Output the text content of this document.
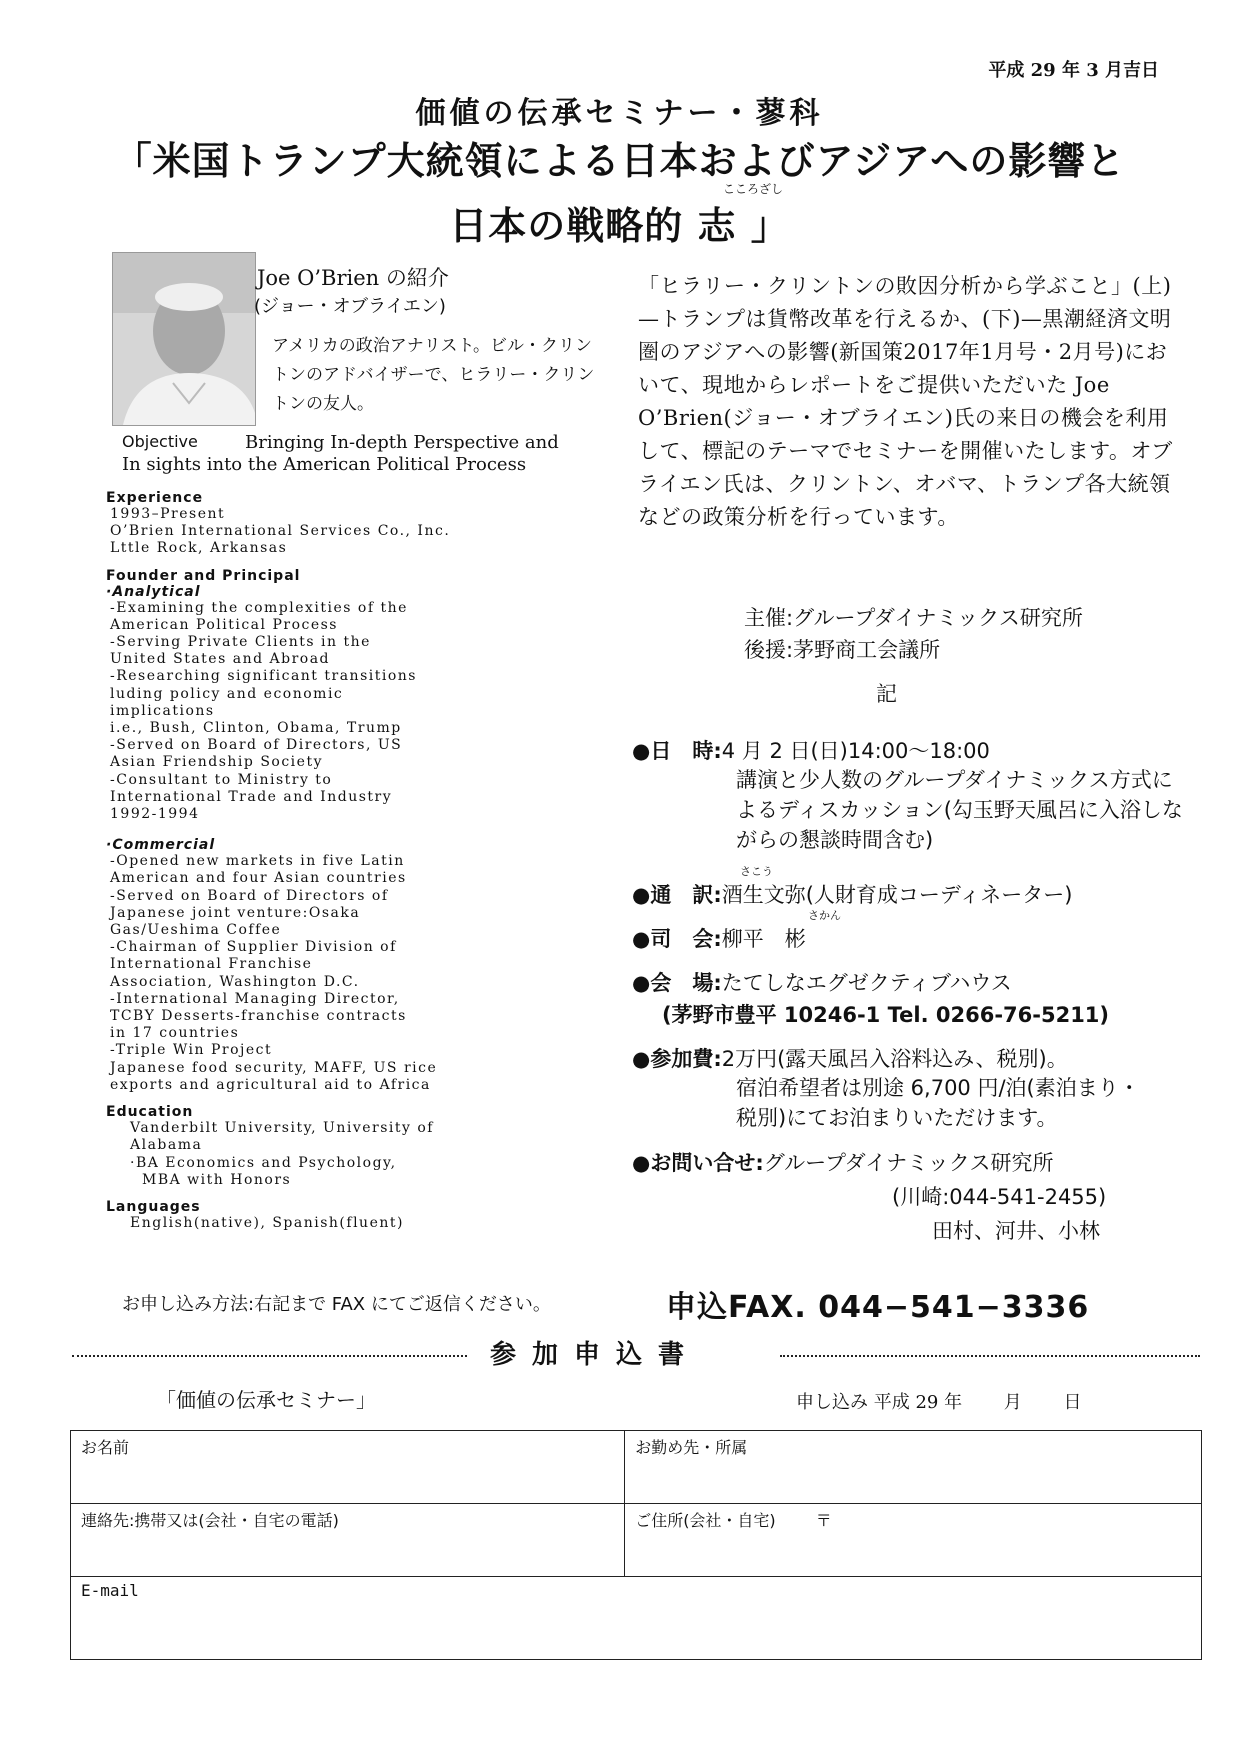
平成 29 年 3 月吉日
価値の伝承セミナー・蓼科
「米国トランプ大統領による日本およびアジアへの影響と
こころざし
日本の戦略的 志 」
Joe O’Brien の紹介
(ジョー・オブライエン)
アメリカの政治アナリスト。ビル・クリントンのアドバイザーで、ヒラリー・クリントンの友人。
Objective	Bringing In-depth Perspective and
In sights into the American Political Process
Experience
1993–Present
O’Brien International Services Co., Inc.
Lttle Rock, Arkansas
Founder and Principal
·Analytical
-Examining the complexities of the
American Political Process
-Serving Private Clients in the
United States and Abroad
-Researching significant transitions
luding policy and economic
implications
i.e., Bush, Clinton, Obama, Trump
-Served on Board of Directors, US
Asian Friendship Society
-Consultant to Ministry to
International Trade and Industry
1992-1994
·Commercial
-Opened new markets in five Latin
American and four Asian countries
-Served on Board of Directors of
Japanese joint venture:Osaka
Gas/Ueshima Coffee
-Chairman of Supplier Division of
International Franchise
Association, Washington D.C.
-International Managing Director,
TCBY Desserts-franchise contracts
in 17 countries
-Triple Win Project
Japanese food security, MAFF, US rice
exports and agricultural aid to Africa
Education
Vanderbilt University, University of
Alabama
·BA Economics and Psychology,
MBA with Honors
Languages
English(native), Spanish(fluent)
「ヒラリー・クリントンの敗因分析から学ぶこと」(上)—トランプは貨幣改革を行えるか、(下)—黒潮経済文明圏のアジアへの影響(新国策2017年1月号・2月号)において、現地からレポートをご提供いただいた Joe O’Brien(ジョー・オブライエン)氏の来日の機会を利用して、標記のテーマでセミナーを開催いたします。オブライエン氏は、クリントン、オバマ、トランプ各大統領などの政策分析を行っています。
主催:グループダイナミックス研究所
後援:茅野商工会議所
記
●日　時:4 月 2 日(日)14:00〜18:00
講演と少人数のグループダイナミックス方式によるディスカッション(勾玉野天風呂に入浴しながらの懇談時間含む)
さこう
●通　訳:酒生文弥(人財育成コーディネーター)
さかん
●司　会:柳平　彬
●会　場:たてしなエグゼクティブハウス
(茅野市豊平 10246-1 Tel. 0266-76-5211)
●参加費:2万円(露天風呂入浴料込み、税別)。
宿泊希望者は別途 6,700 円/泊(素泊まり・税別)にてお泊まりいただけます。
●お問い合せ:グループダイナミックス研究所
(川崎:044-541-2455)
田村、河井、小林
お申し込み方法:右記まで FAX にてご返信ください。	申込FAX. 044−541−3336
参加申込書
「価値の伝承セミナー」	申し込み 平成 29 年　　 月　　 日
お名前	お勤め先・所属
連絡先:携帯又は(会社・自宅の電話)	ご住所(会社・自宅) 〒
E-mail	
